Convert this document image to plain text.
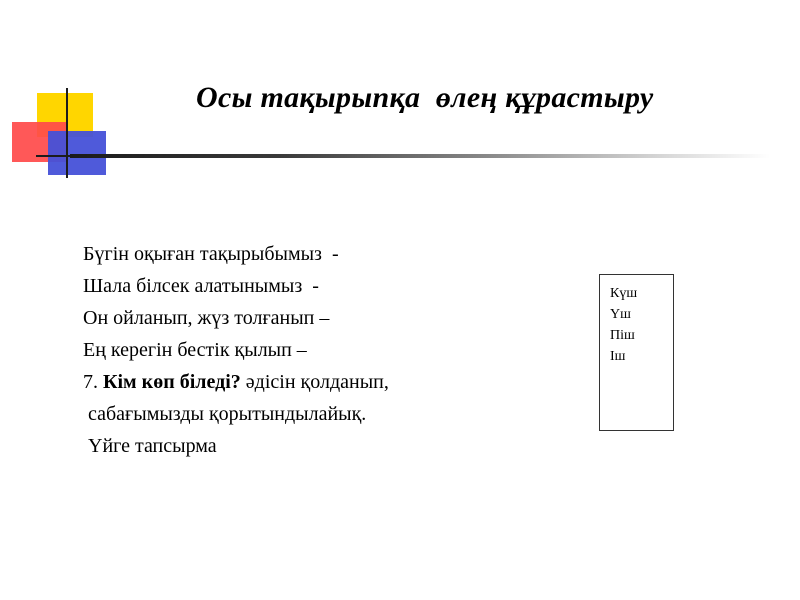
Осы тақырыпқа  өлең құрастыру
Бүгін оқыған тақырыбымыз  -
Шала білсек алатынымыз  -
Он ойланып, жүз толғанып –
Ең керегін бестік қылып –
7. Кім көп біледі? әдісін қолданып,
сабағымызды қорытындылайық.
Үйге тапсырма
Күш
Үш
Піш
Іш
